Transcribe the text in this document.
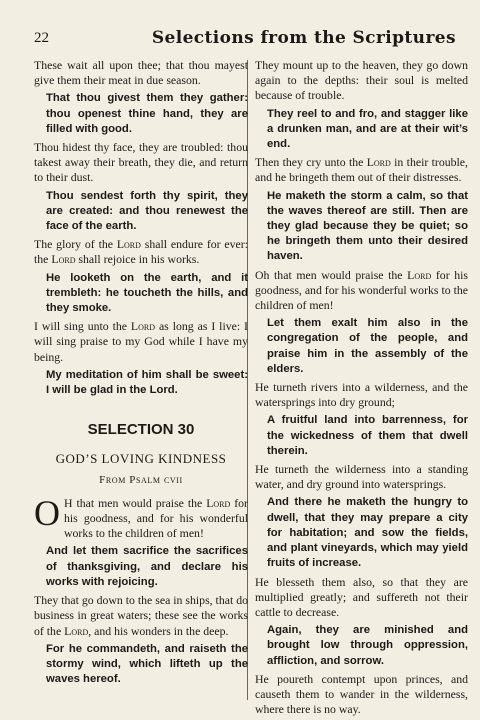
22	Selections from the Scriptures

These wait all upon thee; that thou mayest give them their meat in due season.

That thou givest them they gather: thou openest thine hand, they are filled with good.

Thou hidest thy face, they are troubled: thou takest away their breath, they die, and return to their dust.

Thou sendest forth thy spirit, they are created: and thou renewest the face of the earth.

The glory of the Lord shall endure for ever: the Lord shall rejoice in his works.

He looketh on the earth, and it trembleth: he toucheth the hills, and they smoke.

I will sing unto the Lord as long as I live: I will sing praise to my God while I have my being.

My meditation of him shall be sweet: I will be glad in the Lord.

SELECTION 30
GOD’S LOVING KINDNESS
From Psalm cvii

O H that men would praise the Lord for his goodness, and for his wonderful works to the children of men!

And let them sacrifice the sacrifices of thanksgiving, and declare his works with rejoicing.

They that go down to the sea in ships, that do business in great waters; these see the works of the Lord, and his wonders in the deep.

For he commandeth, and raiseth the stormy wind, which lifteth up the waves hereof.

They mount up to the heaven, they go down again to the depths: their soul is melted because of trouble.

They reel to and fro, and stagger like a drunken man, and are at their wit’s end.

Then they cry unto the Lord in their trouble, and he bringeth them out of their distresses.

He maketh the storm a calm, so that the waves thereof are still. Then are they glad because they be quiet; so he bringeth them unto their desired haven.

Oh that men would praise the Lord for his goodness, and for his wonderful works to the children of men!

Let them exalt him also in the congregation of the people, and praise him in the assembly of the elders.

He turneth rivers into a wilderness, and the watersprings into dry ground;

A fruitful land into barrenness, for the wickedness of them that dwell therein.

He turneth the wilderness into a standing water, and dry ground into watersprings.

And there he maketh the hungry to dwell, that they may prepare a city for habitation; and sow the fields, and plant vineyards, which may yield fruits of increase.

He blesseth them also, so that they are multiplied greatly; and suffereth not their cattle to decrease.

Again, they are minished and brought low through oppression, affliction, and sorrow.

He poureth contempt upon princes, and causeth them to wander in the wilderness, where there is no way.
